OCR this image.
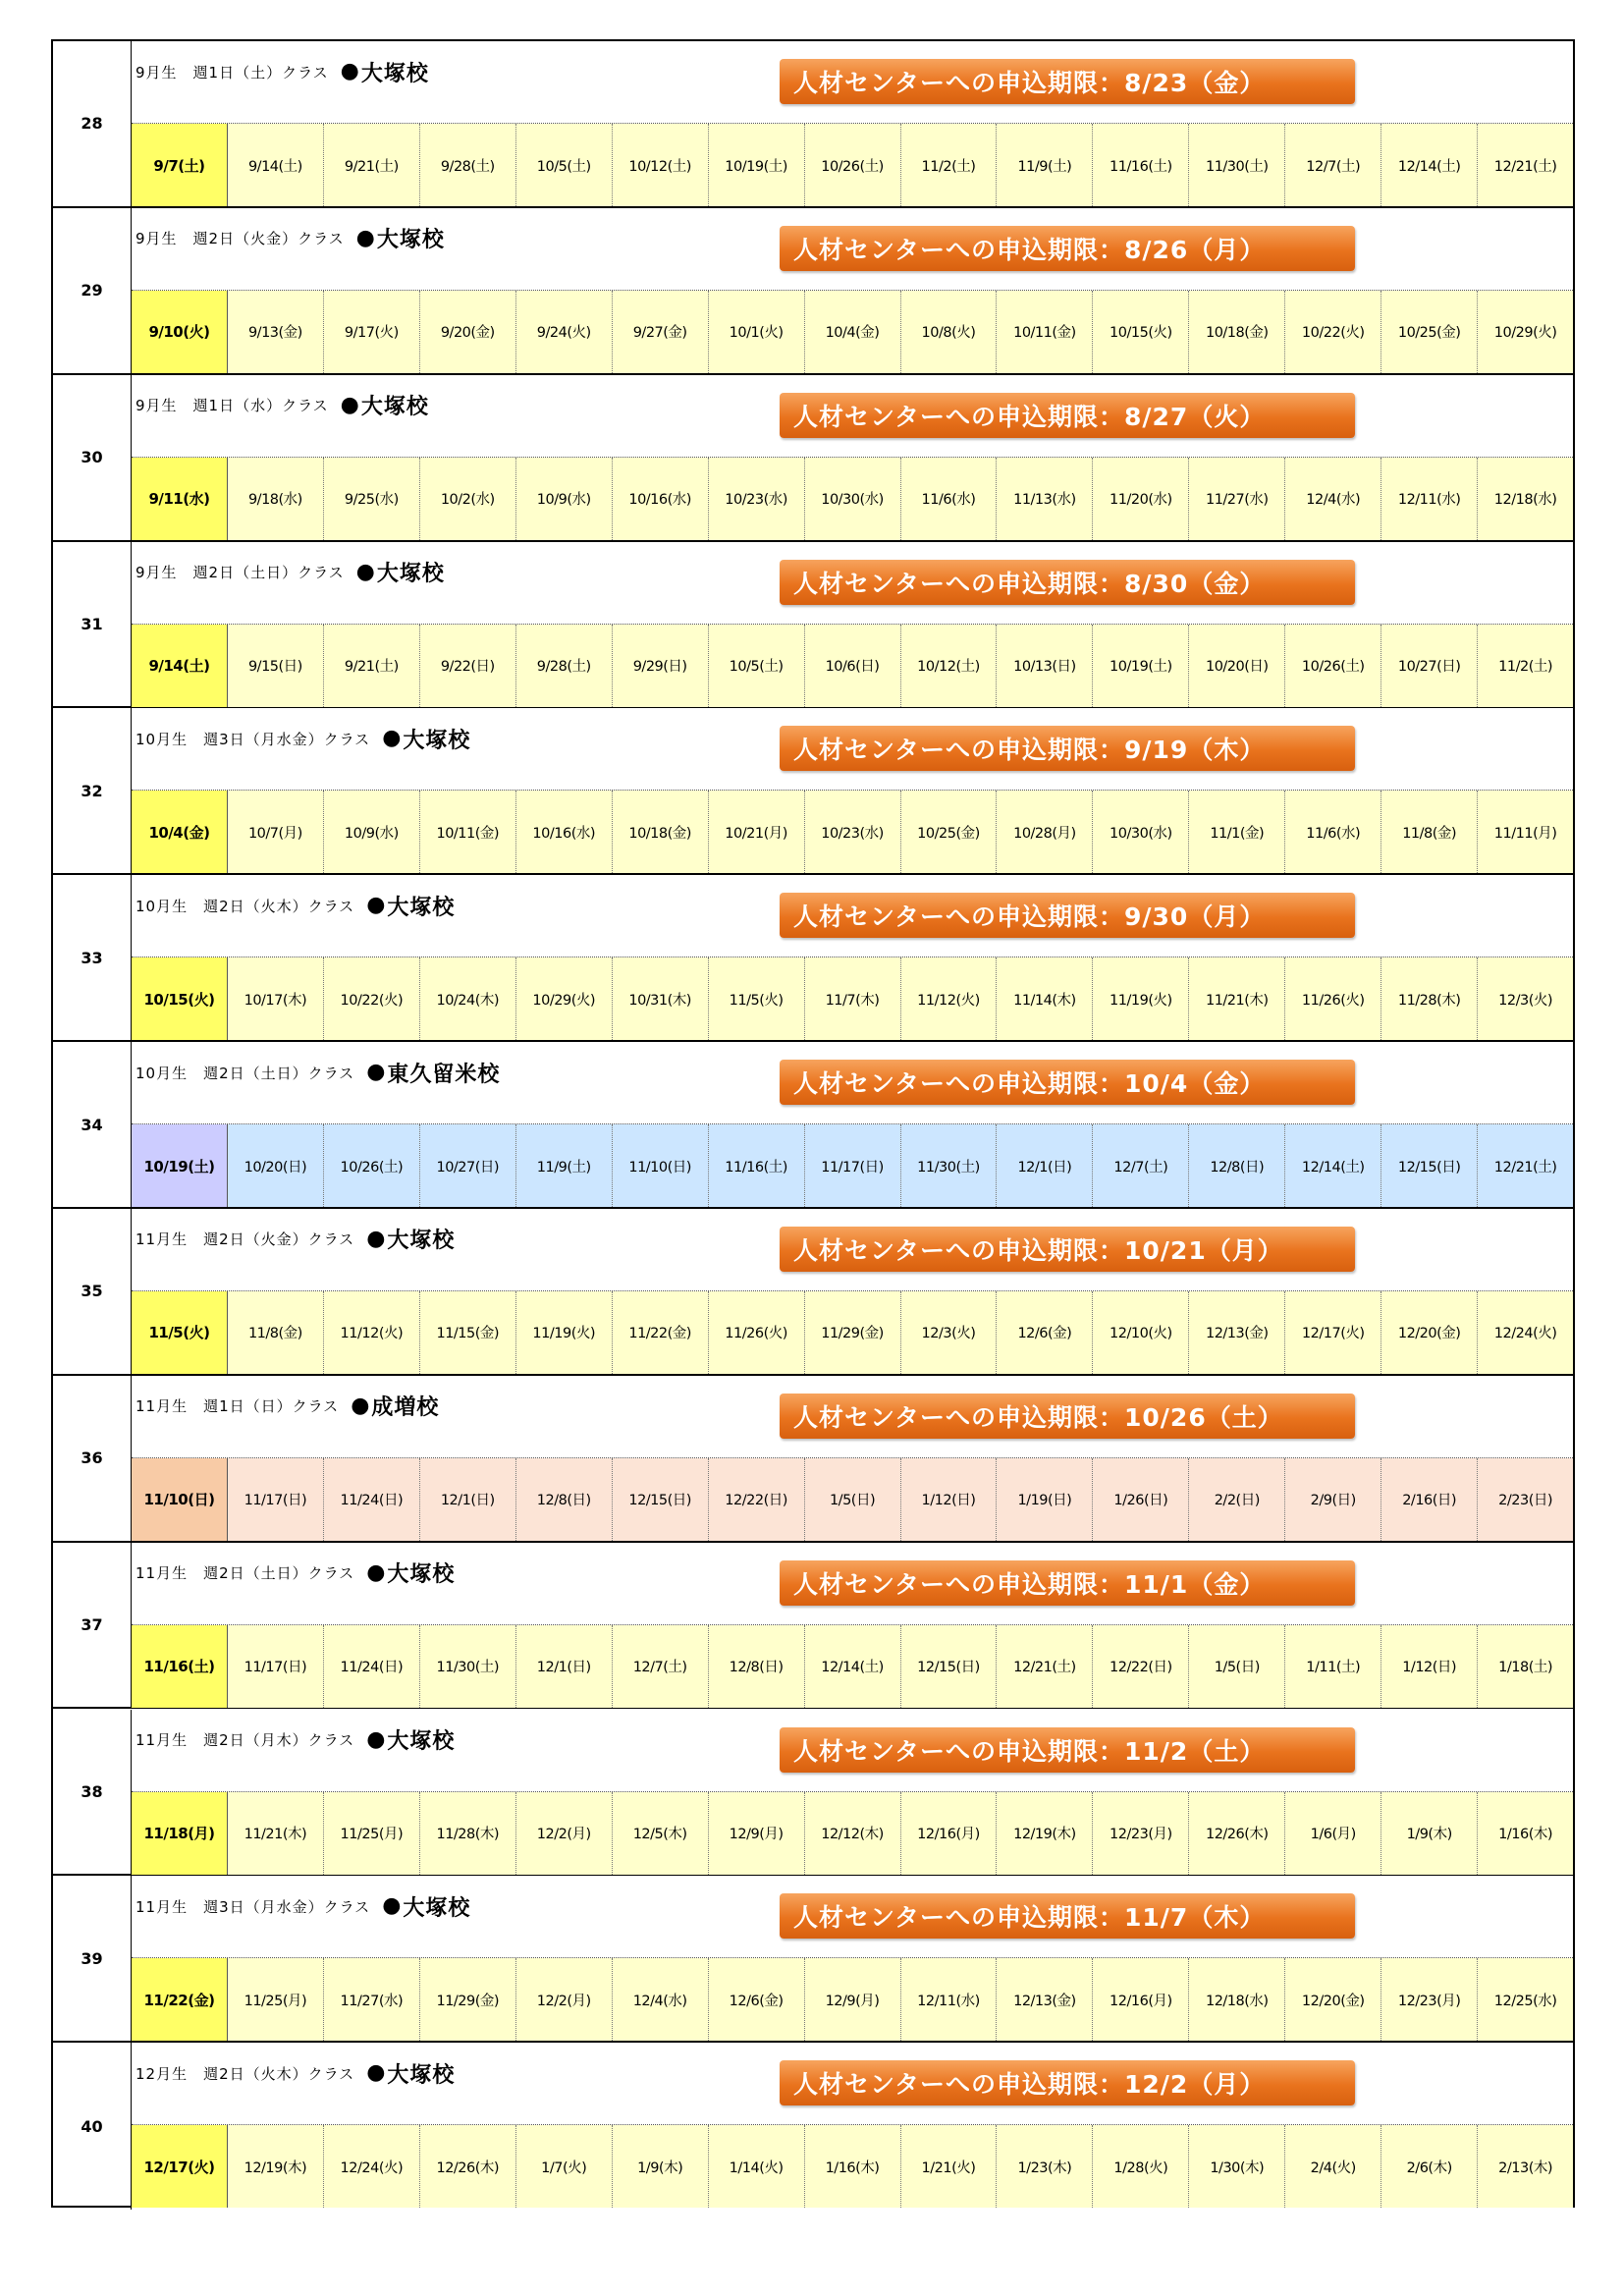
28
9月生　週1日（土）クラス ● 大塚校	人材センターへの申込期限：8/23（金）
9/7(土)	9/14(土)	9/21(土)	9/28(土)	10/5(土)	10/12(土)	10/19(土)	10/26(土)	11/2(土)	11/9(土)	11/16(土)	11/30(土)	12/7(土)	12/14(土)	12/21(土)
29
9月生　週2日（火金）クラス ● 大塚校	人材センターへの申込期限：8/26（月）
9/10(火)	9/13(金)	9/17(火)	9/20(金)	9/24(火)	9/27(金)	10/1(火)	10/4(金)	10/8(火)	10/11(金)	10/15(火)	10/18(金)	10/22(火)	10/25(金)	10/29(火)
30
9月生　週1日（水）クラス ● 大塚校	人材センターへの申込期限：8/27（火）
9/11(水)	9/18(水)	9/25(水)	10/2(水)	10/9(水)	10/16(水)	10/23(水)	10/30(水)	11/6(水)	11/13(水)	11/20(水)	11/27(水)	12/4(水)	12/11(水)	12/18(水)
31
9月生　週2日（土日）クラス ● 大塚校	人材センターへの申込期限：8/30（金）
9/14(土)	9/15(日)	9/21(土)	9/22(日)	9/28(土)	9/29(日)	10/5(土)	10/6(日)	10/12(土)	10/13(日)	10/19(土)	10/20(日)	10/26(土)	10/27(日)	11/2(土)
32
10月生　週3日（月水金）クラス ● 大塚校	人材センターへの申込期限：9/19（木）
10/4(金)	10/7(月)	10/9(水)	10/11(金)	10/16(水)	10/18(金)	10/21(月)	10/23(水)	10/25(金)	10/28(月)	10/30(水)	11/1(金)	11/6(水)	11/8(金)	11/11(月)
33
10月生　週2日（火木）クラス ● 大塚校	人材センターへの申込期限：9/30（月）
10/15(火)	10/17(木)	10/22(火)	10/24(木)	10/29(火)	10/31(木)	11/5(火)	11/7(木)	11/12(火)	11/14(木)	11/19(火)	11/21(木)	11/26(火)	11/28(木)	12/3(火)
34
10月生　週2日（土日）クラス ● 東久留米校	人材センターへの申込期限：10/4（金）
10/19(土)	10/20(日)	10/26(土)	10/27(日)	11/9(土)	11/10(日)	11/16(土)	11/17(日)	11/30(土)	12/1(日)	12/7(土)	12/8(日)	12/14(土)	12/15(日)	12/21(土)
35
11月生　週2日（火金）クラス ● 大塚校	人材センターへの申込期限：10/21（月）
11/5(火)	11/8(金)	11/12(火)	11/15(金)	11/19(火)	11/22(金)	11/26(火)	11/29(金)	12/3(火)	12/6(金)	12/10(火)	12/13(金)	12/17(火)	12/20(金)	12/24(火)
36
11月生　週1日（日）クラス ● 成増校	人材センターへの申込期限：10/26（土）
11/10(日)	11/17(日)	11/24(日)	12/1(日)	12/8(日)	12/15(日)	12/22(日)	1/5(日)	1/12(日)	1/19(日)	1/26(日)	2/2(日)	2/9(日)	2/16(日)	2/23(日)
37
11月生　週2日（土日）クラス ● 大塚校	人材センターへの申込期限：11/1（金）
11/16(土)	11/17(日)	11/24(日)	11/30(土)	12/1(日)	12/7(土)	12/8(日)	12/14(土)	12/15(日)	12/21(土)	12/22(日)	1/5(日)	1/11(土)	1/12(日)	1/18(土)
38
11月生　週2日（月木）クラス ● 大塚校	人材センターへの申込期限：11/2（土）
11/18(月)	11/21(木)	11/25(月)	11/28(木)	12/2(月)	12/5(木)	12/9(月)	12/12(木)	12/16(月)	12/19(木)	12/23(月)	12/26(木)	1/6(月)	1/9(木)	1/16(木)
39
11月生　週3日（月水金）クラス ● 大塚校	人材センターへの申込期限：11/7（木）
11/22(金)	11/25(月)	11/27(水)	11/29(金)	12/2(月)	12/4(水)	12/6(金)	12/9(月)	12/11(水)	12/13(金)	12/16(月)	12/18(水)	12/20(金)	12/23(月)	12/25(水)
40
12月生　週2日（火木）クラス ● 大塚校	人材センターへの申込期限：12/2（月）
12/17(火)	12/19(木)	12/24(火)	12/26(木)	1/7(火)	1/9(木)	1/14(火)	1/16(木)	1/21(火)	1/23(木)	1/28(火)	1/30(木)	2/4(火)	2/6(木)	2/13(木)
